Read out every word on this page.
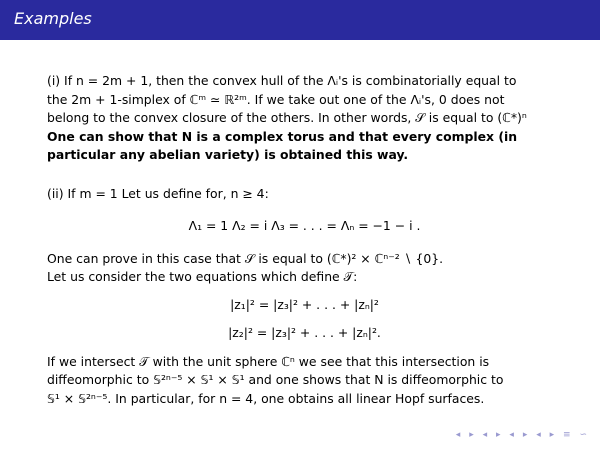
Examples

(i) If n = 2m + 1, then the convex hull of the Λᵢ's is combinatorially equal to

the 2m + 1-simplex of ℂᵐ ≃ ℝ²ᵐ. If we take out one of the Λᵢ's, 0 does not

belong to the convex closure of the others. In other words, 𝒮 is equal to (ℂ*)ⁿ

One can show that N is a complex torus and that every complex (in

particular any abelian variety) is obtained this way.

(ii) If m = 1 Let us define for, n ≥ 4:

Λ₁ = 1 Λ₂ = i Λ₃ = . . . = Λₙ = −1 − i .

One can prove in this case that 𝒮 is equal to (ℂ*)² × ℂⁿ⁻² ∖ {0}.

Let us consider the two equations which define 𝒯:

|z₁|² = |z₃|² + . . . + |zₙ|²
|z₂|² = |z₃|² + . . . + |zₙ|².

If we intersect 𝒯 with the unit sphere ℂⁿ we see that this intersection is

diffeomorphic to 𝕊²ⁿ⁻⁵ × 𝕊¹ × 𝕊¹ and one shows that N is diffeomorphic to

𝕊¹ × 𝕊²ⁿ⁻⁵. In particular, for n = 4, one obtains all linear Hopf surfaces.

◂ ▸ ◂ ▸ ◂ ▸ ◂ ▸ ≡ ∽
